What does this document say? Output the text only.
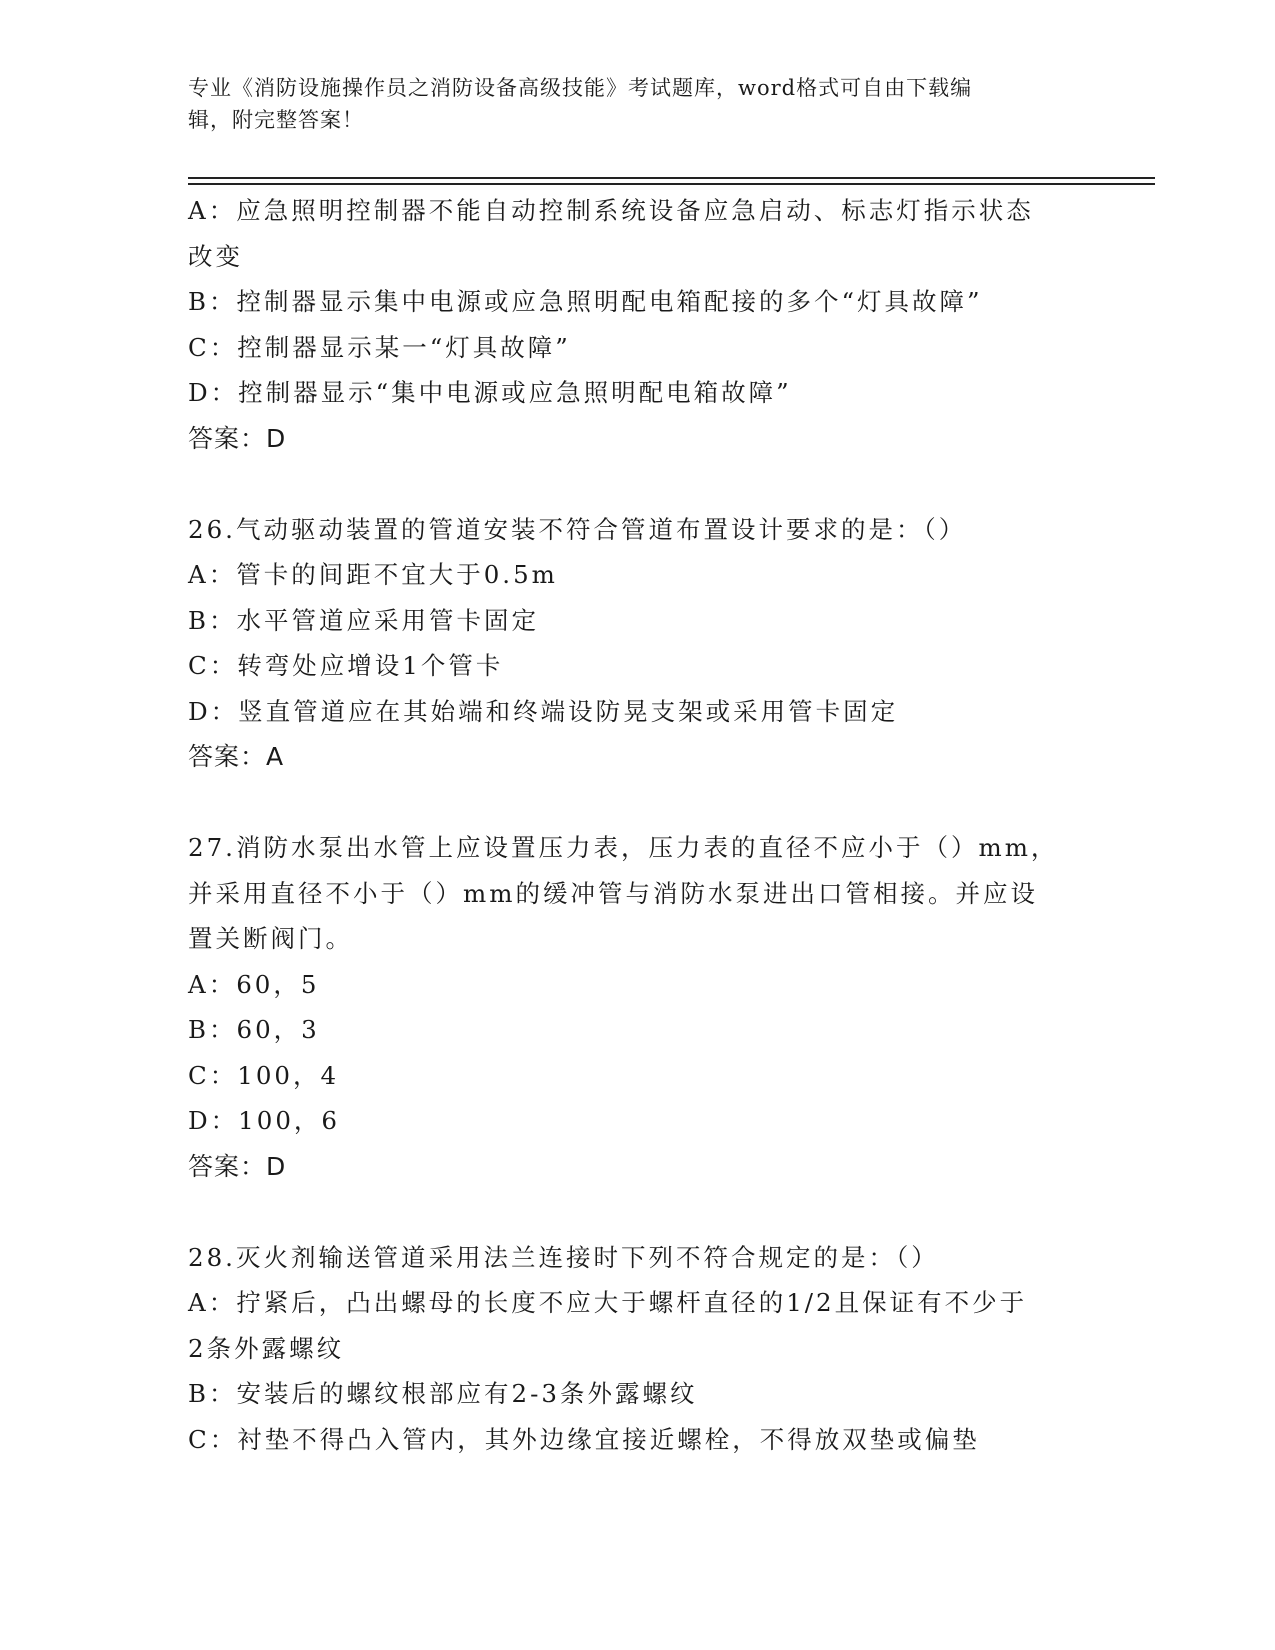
专业《消防设施操作员之消防设备高级技能》考试题库，word格式可自由下载编
辑，附完整答案！
A：应急照明控制器不能自动控制系统设备应急启动、标志灯指示状态
改变
B：控制器显示集中电源或应急照明配电箱配接的多个“灯具故障”
C：控制器显示某一“灯具故障”
D：控制器显示“集中电源或应急照明配电箱故障”
答案：D
26.气动驱动装置的管道安装不符合管道布置设计要求的是：（）
A：管卡的间距不宜大于0.5m
B：水平管道应采用管卡固定
C：转弯处应增设1个管卡
D：竖直管道应在其始端和终端设防晃支架或采用管卡固定
答案：A
27.消防水泵出水管上应设置压力表，压力表的直径不应小于（）mm，
并采用直径不小于（）mm的缓冲管与消防水泵进出口管相接。并应设
置关断阀门。
A：60，5
B：60，3
C：100，4
D：100，6
答案：D
28.灭火剂输送管道采用法兰连接时下列不符合规定的是：（）
A：拧紧后，凸出螺母的长度不应大于螺杆直径的1/2且保证有不少于
2条外露螺纹
B：安装后的螺纹根部应有2-3条外露螺纹
C：衬垫不得凸入管内，其外边缘宜接近螺栓，不得放双垫或偏垫
